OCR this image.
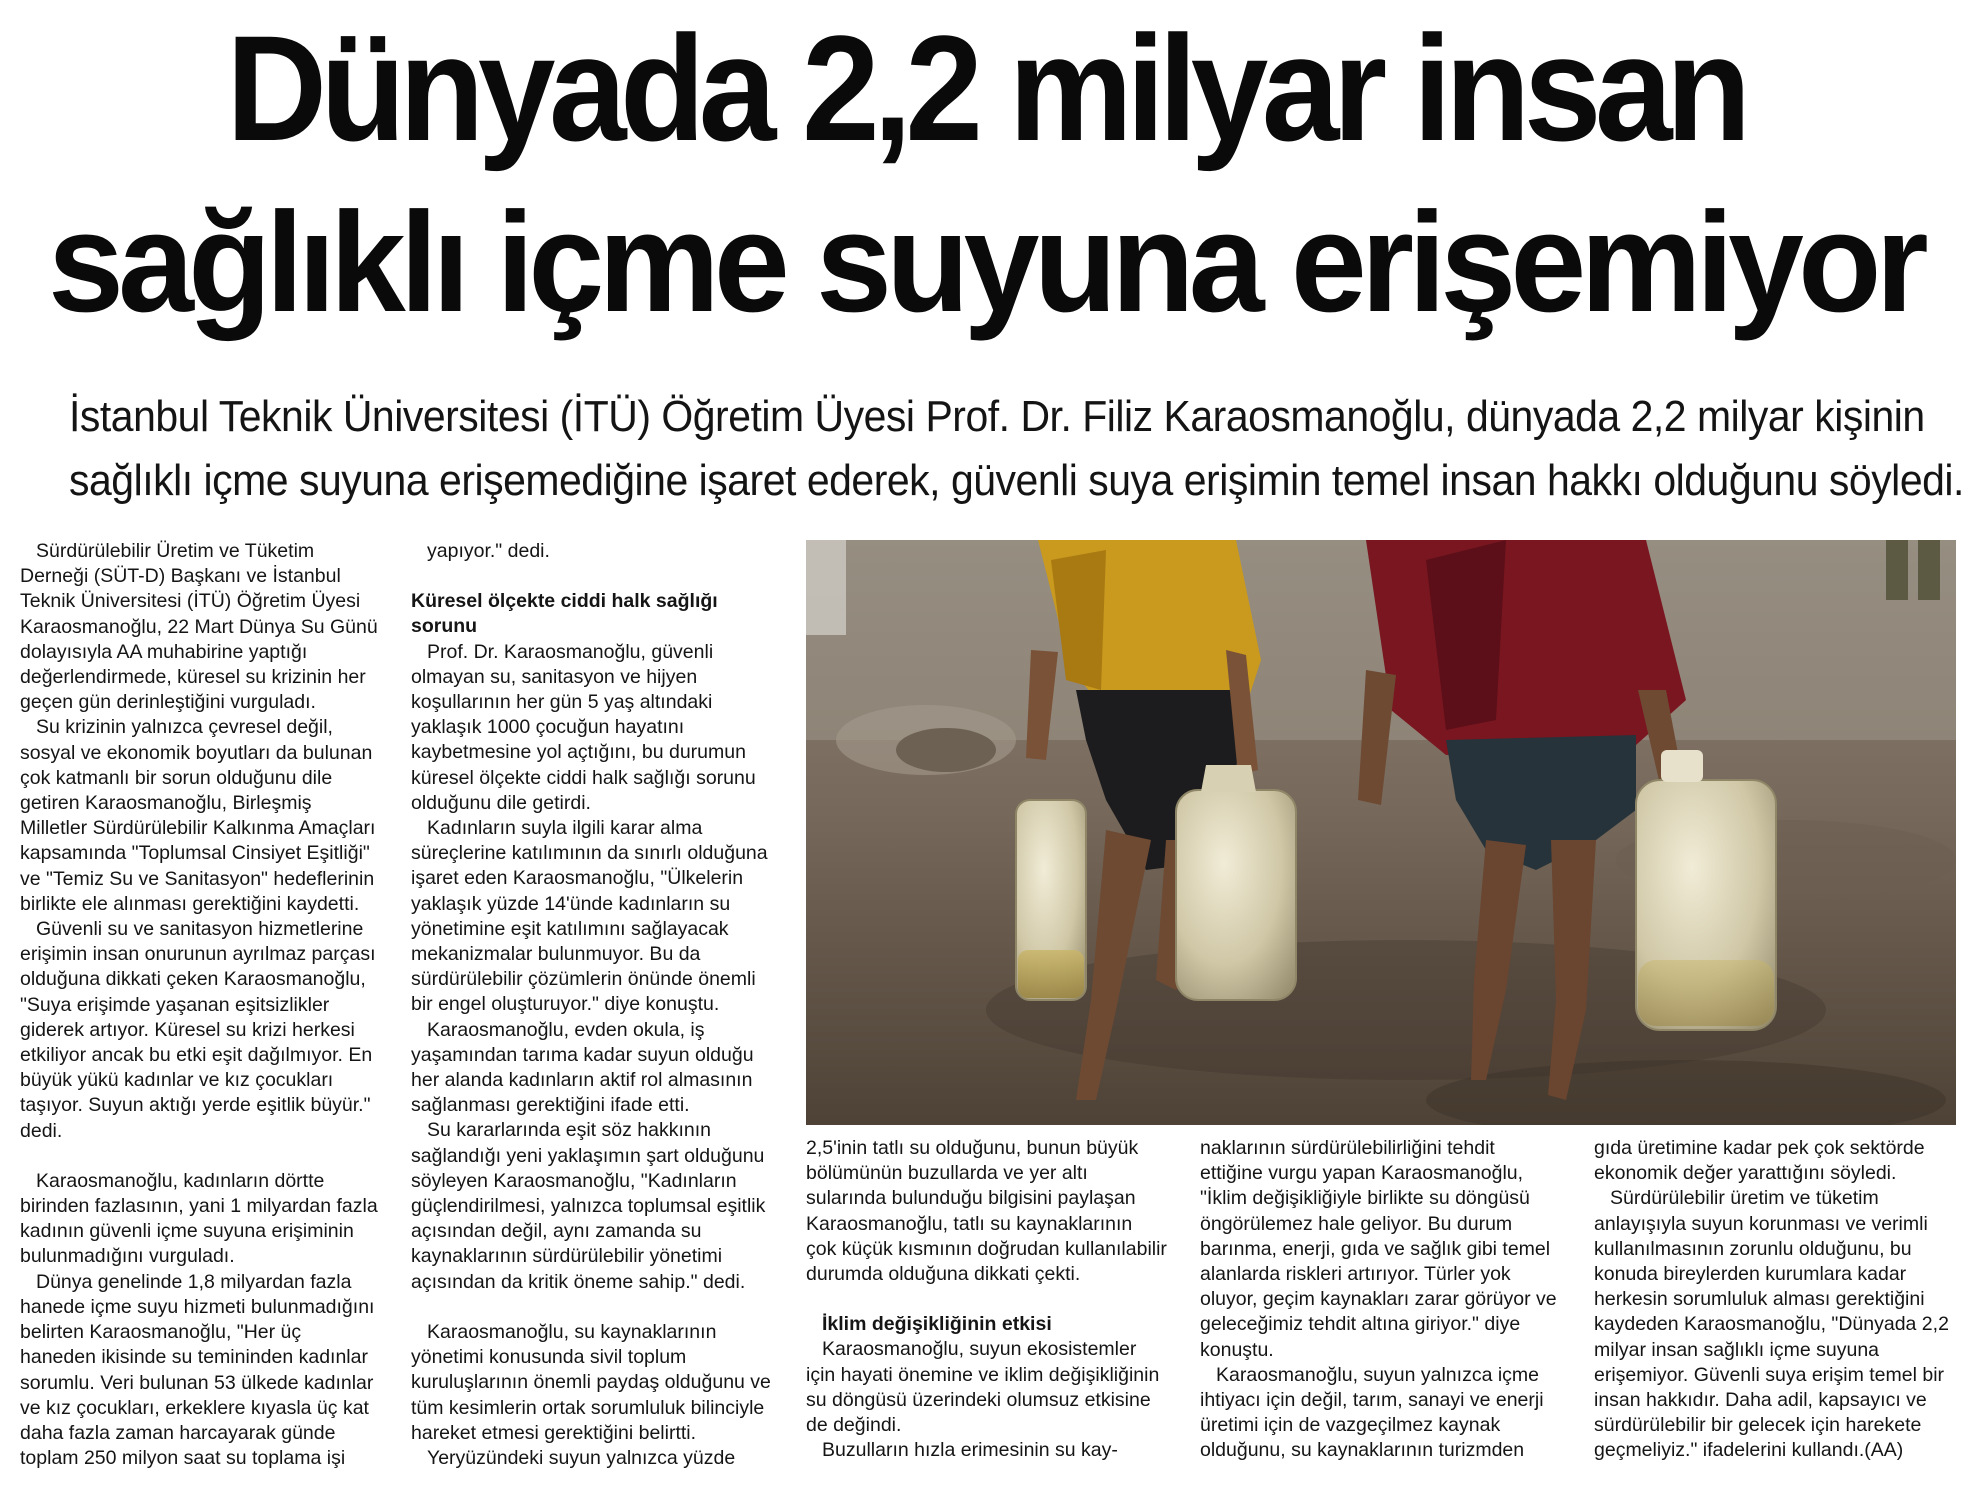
Dünyada 2,2 milyar insan
sağlıklı içme suyuna erişemiyor
İstanbul Teknik Üniversitesi (İTÜ) Öğretim Üyesi Prof. Dr. Filiz Karaosmanoğlu, dünyada 2,2 milyar kişinin
sağlıklı içme suyuna erişemediğine işaret ederek, güvenli suya erişimin temel insan hakkı olduğunu söyledi.

Sürdürülebilir Üretim ve Tüketim Derneği (SÜT-D) Başkanı ve İstanbul Teknik Üniversitesi (İTÜ) Öğretim Üyesi Karaosmanoğlu, 22 Mart Dünya Su Günü dolayısıyla AA muhabirine yaptığı değerlendirmede, küresel su krizinin her geçen gün derinleştiğini vurguladı.

Su krizinin yalnızca çevresel değil, sosyal ve ekonomik boyutları da bulunan çok katmanlı bir sorun olduğunu dile getiren Karaosmanoğlu, Birleşmiş Milletler Sürdürülebilir Kalkınma Amaçları kapsamında "Toplumsal Cinsiyet Eşitliği" ve "Temiz Su ve Sanitasyon" hedeflerinin birlikte ele alınması gerektiğini kaydetti.

Güvenli su ve sanitasyon hizmetlerine erişimin insan onurunun ayrılmaz parçası olduğuna dikkati çeken Karaosmanoğlu, "Suya erişimde yaşanan eşitsizlikler giderek artıyor. Küresel su krizi herkesi etkiliyor ancak bu etki eşit dağılmıyor. En büyük yükü kadınlar ve kız çocukları taşıyor. Suyun aktığı yerde eşitlik büyür." dedi.

Karaosmanoğlu, kadınların dörtte birinden fazlasının, yani 1 milyardan fazla kadının güvenli içme suyuna erişiminin bulunmadığını vurguladı.

Dünya genelinde 1,8 milyardan fazla hanede içme suyu hizmeti bulunmadığını belirten Karaosmanoğlu, "Her üç haneden ikisinde su temininden kadınlar sorumlu. Veri bulunan 53 ülkede kadınlar ve kız çocukları, erkeklere kıyasla üç kat daha fazla zaman harcayarak günde toplam 250 milyon saat su toplama işi

yapıyor." dedi.

Küresel ölçekte ciddi halk sağlığı sorunu

Prof. Dr. Karaosmanoğlu, güvenli olmayan su, sanitasyon ve hijyen koşullarının her gün 5 yaş altındaki yaklaşık 1000 çocuğun hayatını kaybetmesine yol açtığını, bu durumun küresel ölçekte ciddi halk sağlığı sorunu olduğunu dile getirdi.

Kadınların suyla ilgili karar alma süreçlerine katılımının da sınırlı olduğuna işaret eden Karaosmanoğlu, "Ülkelerin yaklaşık yüzde 14'ünde kadınların su yönetimine eşit katılımını sağlayacak mekanizmalar bulunmuyor. Bu da sürdürülebilir çözümlerin önünde önemli bir engel oluşturuyor." diye konuştu.

Karaosmanoğlu, evden okula, iş yaşamından tarıma kadar suyun olduğu her alanda kadınların aktif rol almasının sağlanması gerektiğini ifade etti.

Su kararlarında eşit söz hakkının sağlandığı yeni yaklaşımın şart olduğunu söyleyen Karaosmanoğlu, "Kadınların güçlendirilmesi, yalnızca toplumsal eşitlik açısından değil, aynı zamanda su kaynaklarının sürdürülebilir yönetimi açısından da kritik öneme sahip." dedi.

Karaosmanoğlu, su kaynaklarının yönetimi konusunda sivil toplum kuruluşlarının önemli paydaş olduğunu ve tüm kesimlerin ortak sorumluluk bilinciyle hareket etmesi gerektiğini belirtti.

Yeryüzündeki suyun yalnızca yüzde

2,5'inin tatlı su olduğunu, bunun büyük bölümünün buzullarda ve yer altı sularında bulunduğu bilgisini paylaşan Karaosmanoğlu, tatlı su kaynaklarının çok küçük kısmının doğrudan kullanılabilir durumda olduğuna dikkati çekti.

İklim değişikliğinin etkisi

Karaosmanoğlu, suyun ekosistemler için hayati önemine ve iklim değişikliğinin su döngüsü üzerindeki olumsuz etkisine de değindi.

Buzulların hızla erimesinin su kay-

naklarının sürdürülebilirliğini tehdit ettiğine vurgu yapan Karaosmanoğlu, "İklim değişikliğiyle birlikte su döngüsü öngörülemez hale geliyor. Bu durum barınma, enerji, gıda ve sağlık gibi temel alanlarda riskleri artırıyor. Türler yok oluyor, geçim kaynakları zarar görüyor ve geleceğimiz tehdit altına giriyor." diye konuştu.

Karaosmanoğlu, suyun yalnızca içme ihtiyacı için değil, tarım, sanayi ve enerji üretimi için de vazgeçilmez kaynak olduğunu, su kaynaklarının turizmden

gıda üretimine kadar pek çok sektörde ekonomik değer yarattığını söyledi.

Sürdürülebilir üretim ve tüketim anlayışıyla suyun korunması ve verimli kullanılmasının zorunlu olduğunu, bu konuda bireylerden kurumlara kadar herkesin sorumluluk alması gerektiğini kaydeden Karaosmanoğlu, "Dünyada 2,2 milyar insan sağlıklı içme suyuna erişemiyor. Güvenli suya erişim temel bir insan hakkıdır. Daha adil, kapsayıcı ve sürdürülebilir bir gelecek için harekete geçmeliyiz." ifadelerini kullandı.(AA)
